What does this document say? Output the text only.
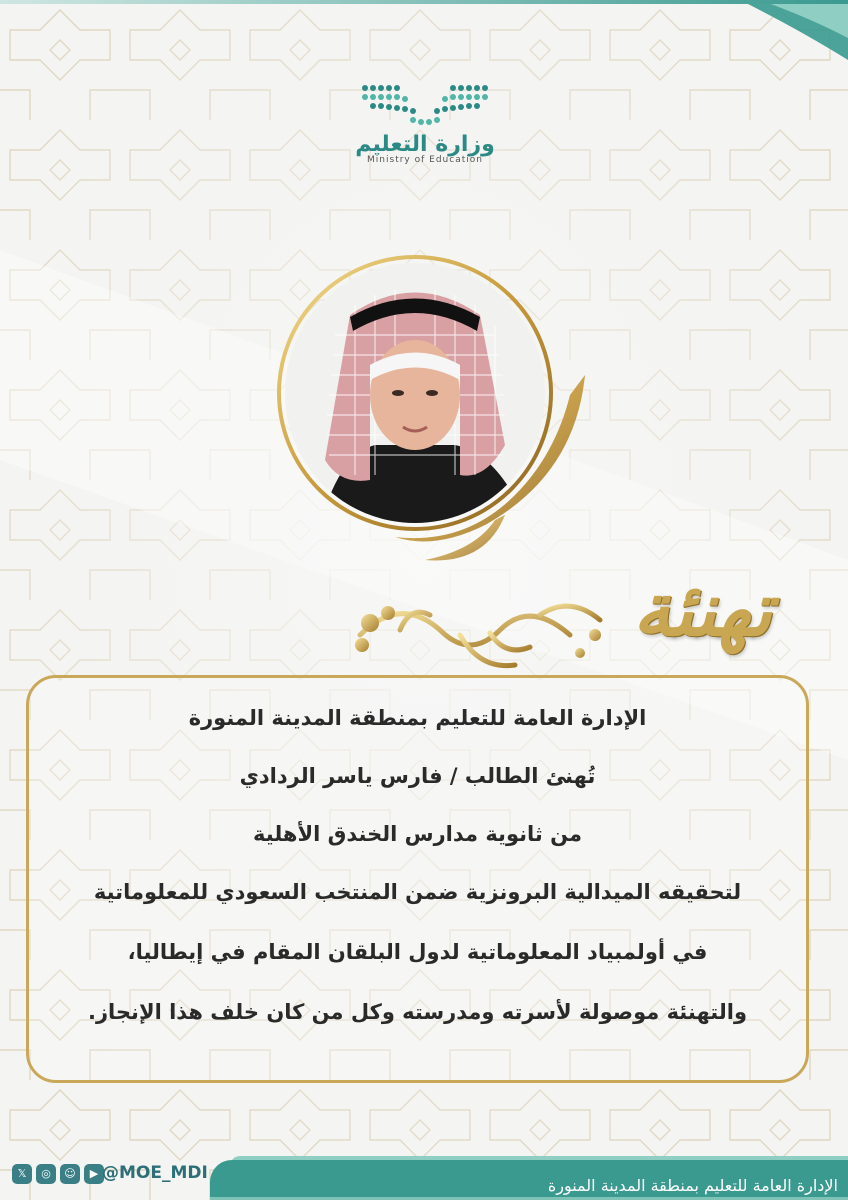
وزارة التعليم
Ministry of Education
تهنئة
الإدارة العامة للتعليم بمنطقة المدينة المنورة
تُهنئ الطالب / فارس ياسر الردادي
من ثانوية مدارس الخندق الأهلية
لتحقيقه الميدالية البرونزية ضمن المنتخب السعودي للمعلوماتية
في أولمبياد المعلوماتية لدول البلقان المقام في إيطاليا،
والتهنئة موصولة لأسرته ومدرسته وكل من كان خلف هذا الإنجاز.
الإدارة العامة للتعليم بمنطقة المدينة المنورة
𝕏	◎	☺	▶ @MOE_MDI
